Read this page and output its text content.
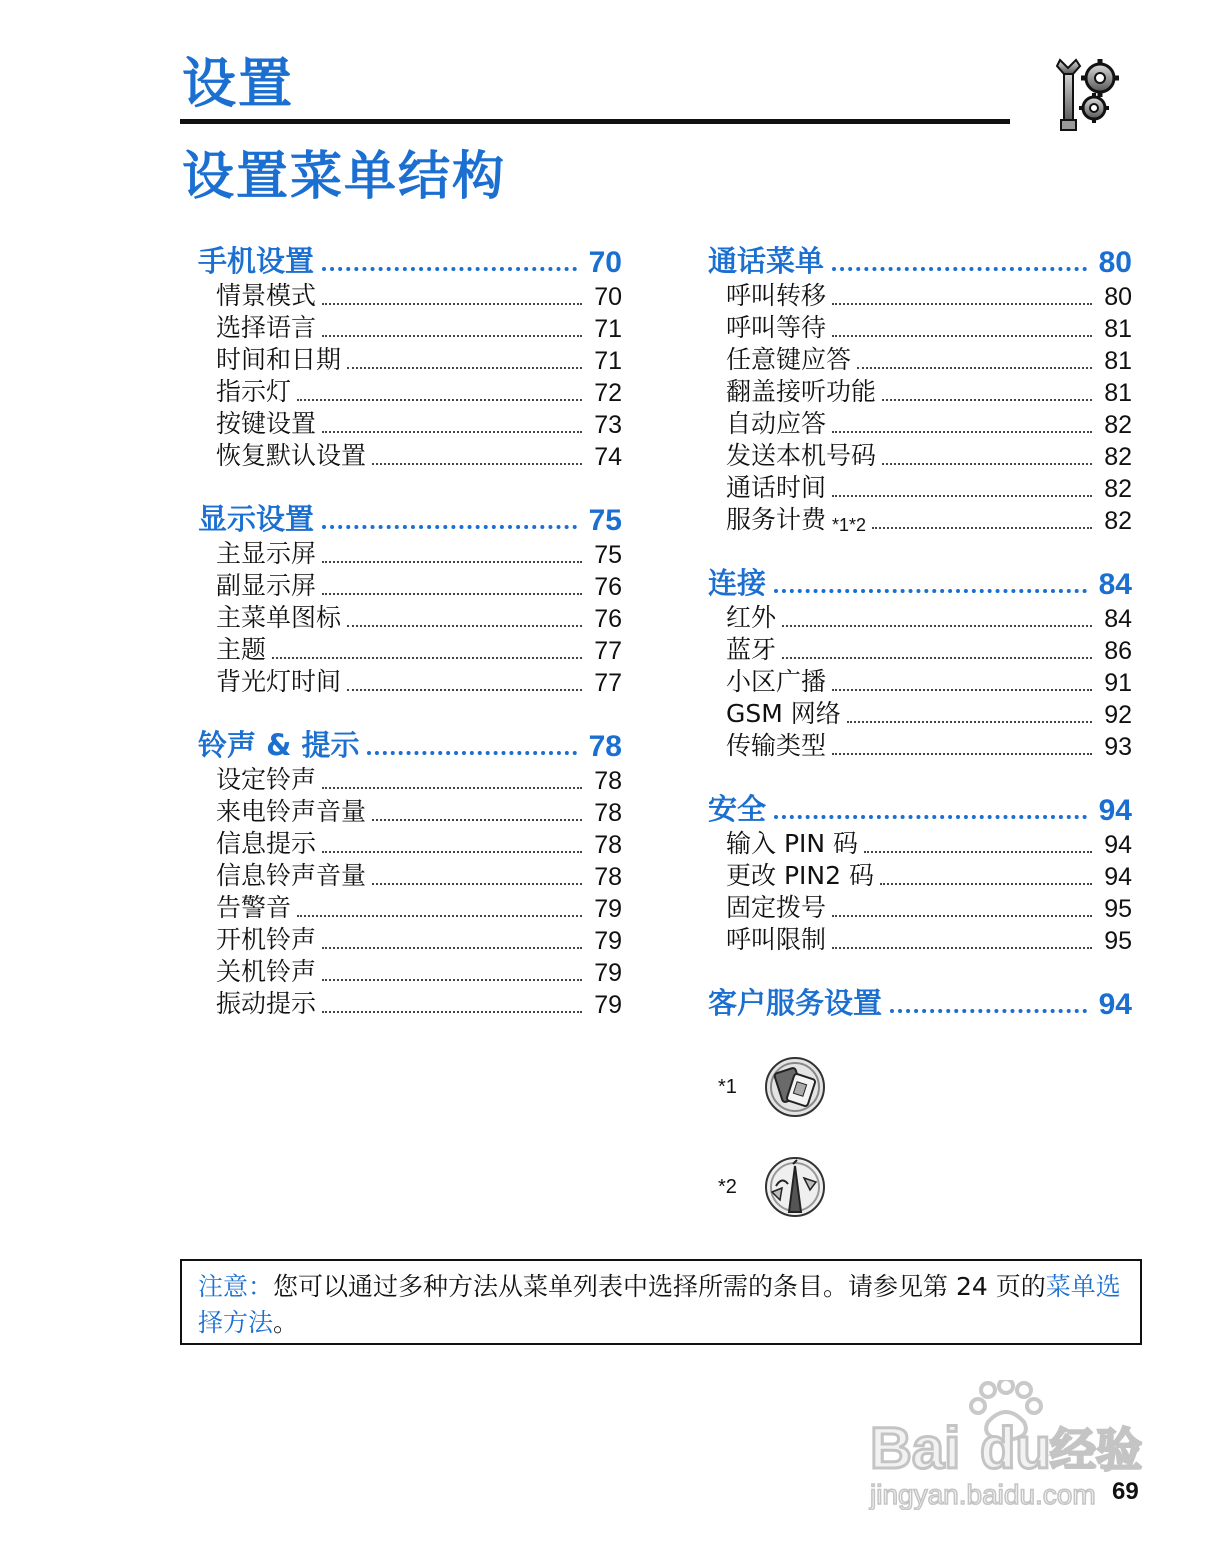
设置
设置菜单结构
手机设置	70
情景模式	70
选择语言	71
时间和日期	71
指示灯	72
按键设置	73
恢复默认设置	74
显示设置	75
主显示屏	75
副显示屏	76
主菜单图标	76
主题	77
背光灯时间	77
铃声 & 提示	78
设定铃声	78
来电铃声音量	78
信息提示	78
信息铃声音量	78
告警音	79
开机铃声	79
关机铃声	79
振动提示	79
通话菜单	80
呼叫转移	80
呼叫等待	81
任意键应答	81
翻盖接听功能	81
自动应答	82
发送本机号码	82
通话时间	82
服务计费 *1*2	82
连接	84
红外	84
蓝牙	86
小区广播	91
GSM 网络	92
传输类型	93
安全	94
输入 PIN 码	94
更改 PIN2 码	94
固定拨号	95
呼叫限制	95
客户服务设置	94
*1
*2
注意：您可以通过多种方法从菜单列表中选择所需的条目。请参见第 24 页的菜单选择方法。
Bai du 经验
jingyan.baidu.com 69
